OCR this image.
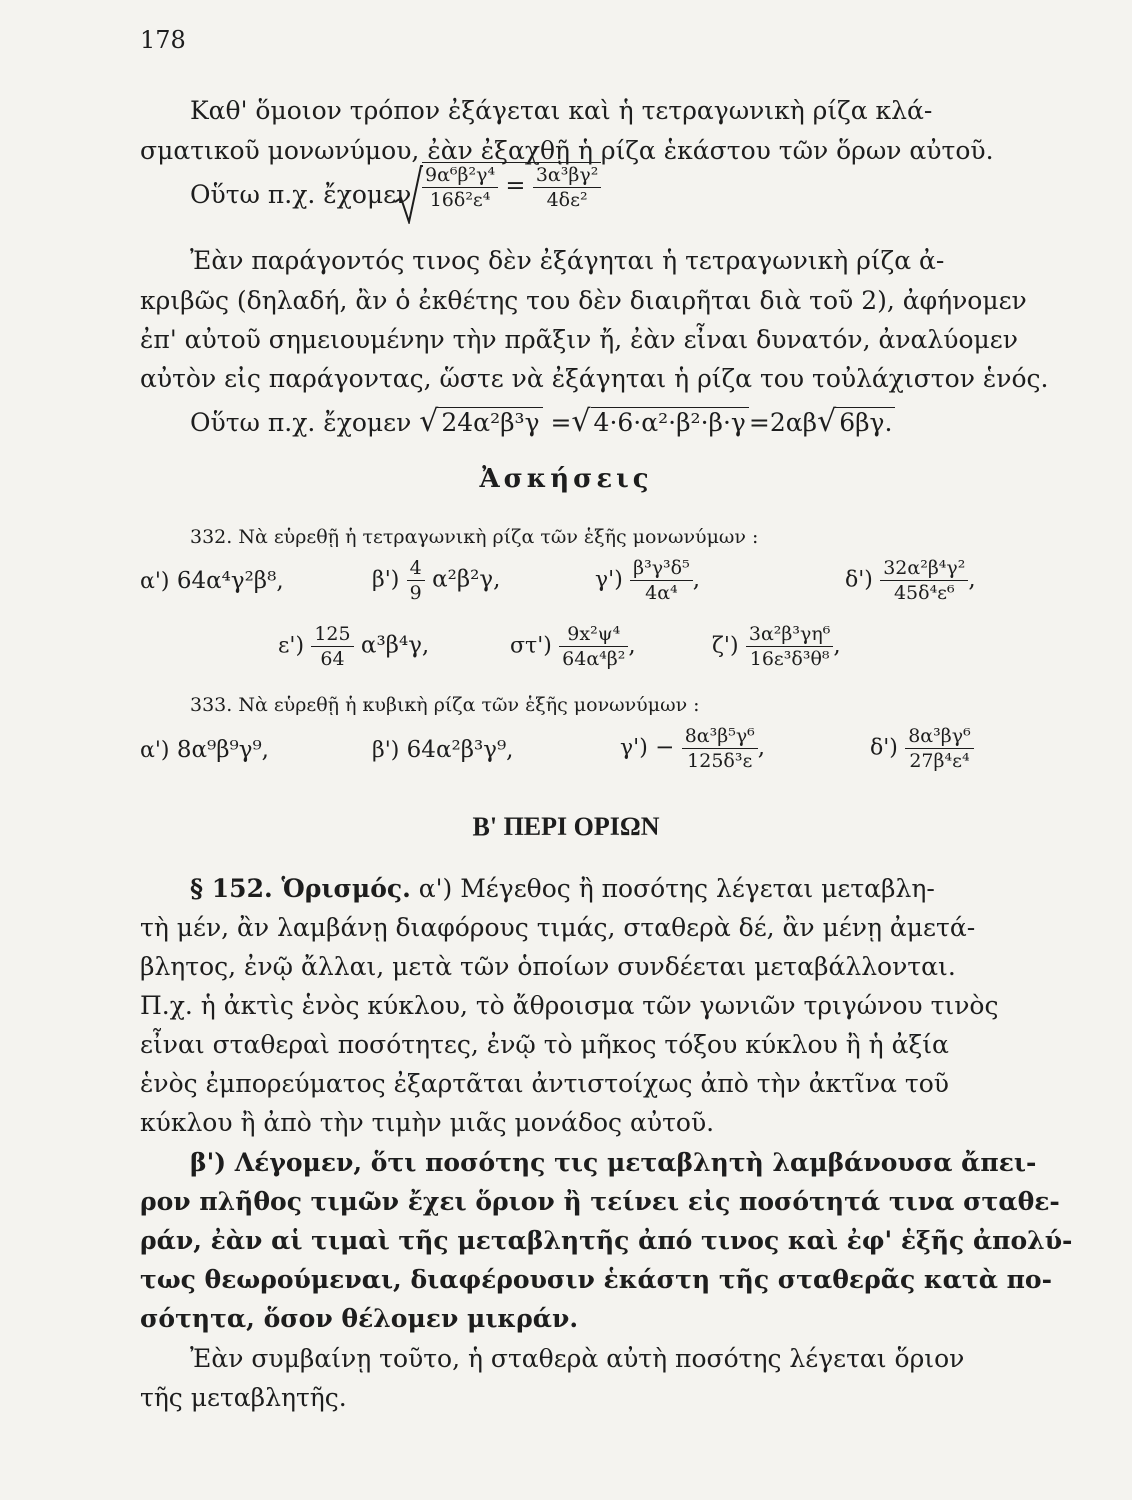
178
Καθ' ὅμοιον τρόπον ἐξάγεται καὶ ἡ τετραγωνικὴ ρίζα κλά-
σματικοῦ μονωνύμου, ἐὰν ἐξαχθῇ ἡ ρίζα ἑκάστου τῶν ὅρων αὐτοῦ.
Οὕτω π.χ. ἔχομεν $\frac{\text{9α⁶β²γ⁴}}{\text{16δ²ε⁴}} = \frac{\text{3α³βγ²}}{\text{4δε²}}$
Ἐὰν παράγοντός τινος δὲν ἐξάγηται ἡ τετραγωνικὴ ρίζα ἀ-
κριβῶς (δηλαδή, ἂν ὁ ἐκθέτης του δὲν διαιρῆται διὰ τοῦ 2), ἀφήνομεν
ἐπ' αὐτοῦ σημειουμένην τὴν πρᾶξιν ἤ, ἐὰν εἶναι δυνατόν, ἀναλύομεν
αὐτὸν εἰς παράγοντας, ὥστε νὰ ἐξάγηται ἡ ρίζα του τοὐλάχιστον ἑνός.
Οὕτω π.χ. ἔχομεν √ 24α²β³γ =√ 4·6·α²·β²·β·γ =2αβ√ 6βγ.
Ἀσκήσεις
332. Νὰ εὑρεθῇ ἡ τετραγωνικὴ ρίζα τῶν ἑξῆς μονωνύμων :
α') 64α⁴γ²β⁸,	$\beta') \frac{4}{9} \alpha^2\beta^2\gamma$,	$\gamma') \frac{\text{β³γ³δ⁵}}{\text{4α⁴}}$ ,	$\delta') \frac{\text{32α²β⁴γ²}}{\text{45δ⁴ε⁶}}$ ,
$\varepsilon') \frac{125}{64} \alpha^3\beta^4\gamma$,	$\sigma\tau') \frac{\text{9x²ψ⁴}}{\text{64α⁴β²}}$ ,	$\zeta') \frac{\text{3α²β³γη⁶}}{\text{16ε³δ³θ⁸}}$ ,
333. Νὰ εὑρεθῇ ἡ κυβικὴ ρίζα τῶν ἑξῆς μονωνύμων :
α') 8α⁹β⁹γ⁹,	β') 64α²β³γ⁹,	$\gamma') - \frac{\text{8α³β⁵γ⁶}}{\text{125δ³ε}}$ ,	$\delta') \frac{\text{8α³βγ⁶}}{\text{27β⁴ε⁴}}$
Β' ΠΕΡΙ ΟΡΙΩΝ
§ 152. Ὁρισμός. α') Μέγεθος ἢ ποσότης λέγεται μεταβλη-
τὴ μέν, ἂν λαμβάνῃ διαφόρους τιμάς, σταθερὰ δέ, ἂν μένῃ ἀμετά-
βλητος, ἐνῷ ἄλλαι, μετὰ τῶν ὁποίων συνδέεται μεταβάλλονται.
Π.χ. ἡ ἀκτὶς ἑνὸς κύκλου, τὸ ἄθροισμα τῶν γωνιῶν τριγώνου τινὸς
εἶναι σταθεραὶ ποσότητες, ἐνῷ τὸ μῆκος τόξου κύκλου ἢ ἡ ἀξία
ἑνὸς ἐμπορεύματος ἐξαρτᾶται ἀντιστοίχως ἀπὸ τὴν ἀκτῖνα τοῦ
κύκλου ἢ ἀπὸ τὴν τιμὴν μιᾶς μονάδος αὐτοῦ.
β') Λέγομεν, ὅτι ποσότης τις μεταβλητὴ λαμβάνουσα ἄπει-
ρον πλῆθος τιμῶν ἔχει ὅριον ἢ τείνει εἰς ποσότητά τινα σταθε-
ράν, ἐὰν αἱ τιμαὶ τῆς μεταβλητῆς ἀπό τινος καὶ ἐφ' ἑξῆς ἀπολύ-
τως θεωρούμεναι, διαφέρουσιν ἑκάστη τῆς σταθερᾶς κατὰ πο-
σότητα, ὅσον θέλομεν μικράν.
Ἐὰν συμβαίνῃ τοῦτο, ἡ σταθερὰ αὐτὴ ποσότης λέγεται ὅριον
τῆς μεταβλητῆς.
